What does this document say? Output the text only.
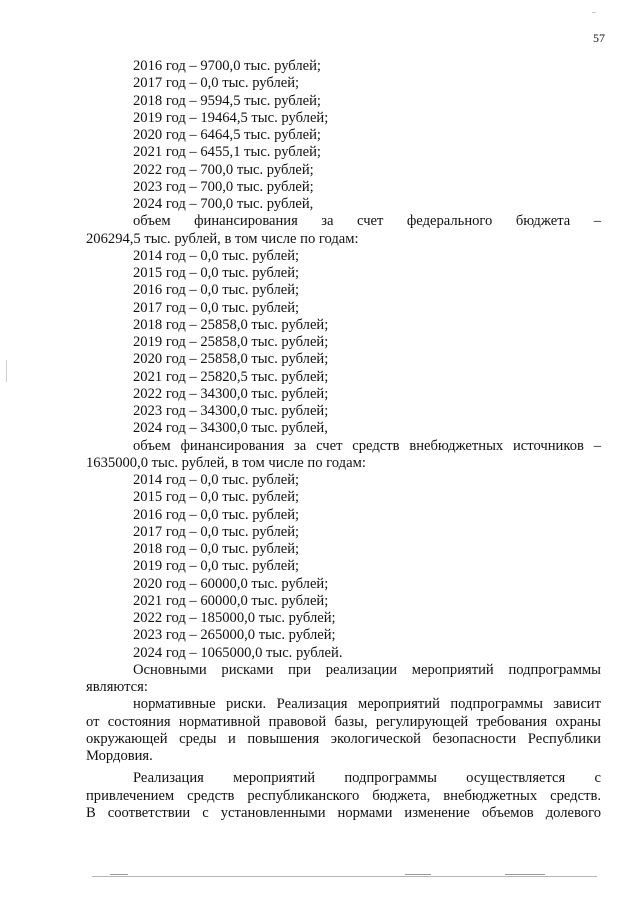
57
2016 год – 9700,0 тыс. рублей;
2017 год – 0,0 тыс. рублей;
2018 год – 9594,5 тыс. рублей;
2019 год – 19464,5 тыс. рублей;
2020 год – 6464,5 тыс. рублей;
2021 год – 6455,1 тыс. рублей;
2022 год – 700,0 тыс. рублей;
2023 год – 700,0 тыс. рублей;
2024 год – 700,0 тыс. рублей,
объем финансирования за счет федерального бюджета –
206294,5 тыс. рублей, в том числе по годам:
2014 год – 0,0 тыс. рублей;
2015 год – 0,0 тыс. рублей;
2016 год – 0,0 тыс. рублей;
2017 год – 0,0 тыс. рублей;
2018 год – 25858,0 тыс. рублей;
2019 год – 25858,0 тыс. рублей;
2020 год – 25858,0 тыс. рублей;
2021 год – 25820,5 тыс. рублей;
2022 год – 34300,0 тыс. рублей;
2023 год – 34300,0 тыс. рублей;
2024 год – 34300,0 тыс. рублей,
объем финансирования за счет средств внебюджетных источников –
1635000,0 тыс. рублей, в том числе по годам:
2014 год – 0,0 тыс. рублей;
2015 год – 0,0 тыс. рублей;
2016 год – 0,0 тыс. рублей;
2017 год – 0,0 тыс. рублей;
2018 год – 0,0 тыс. рублей;
2019 год – 0,0 тыс. рублей;
2020 год – 60000,0 тыс. рублей;
2021 год – 60000,0 тыс. рублей;
2022 год – 185000,0 тыс. рублей;
2023 год – 265000,0 тыс. рублей;
2024 год – 1065000,0 тыс. рублей.
Основными рисками при реализации мероприятий подпрограммы
являются:
нормативные риски. Реализация мероприятий подпрограммы зависит
от состояния нормативной правовой базы, регулирующей требования охраны
окружающей среды и повышения экологической безопасности Республики
Мордовия.
Реализация мероприятий подпрограммы осуществляется с
привлечением средств республиканского бюджета, внебюджетных средств.
В соответствии с установленными нормами изменение объемов долевого
